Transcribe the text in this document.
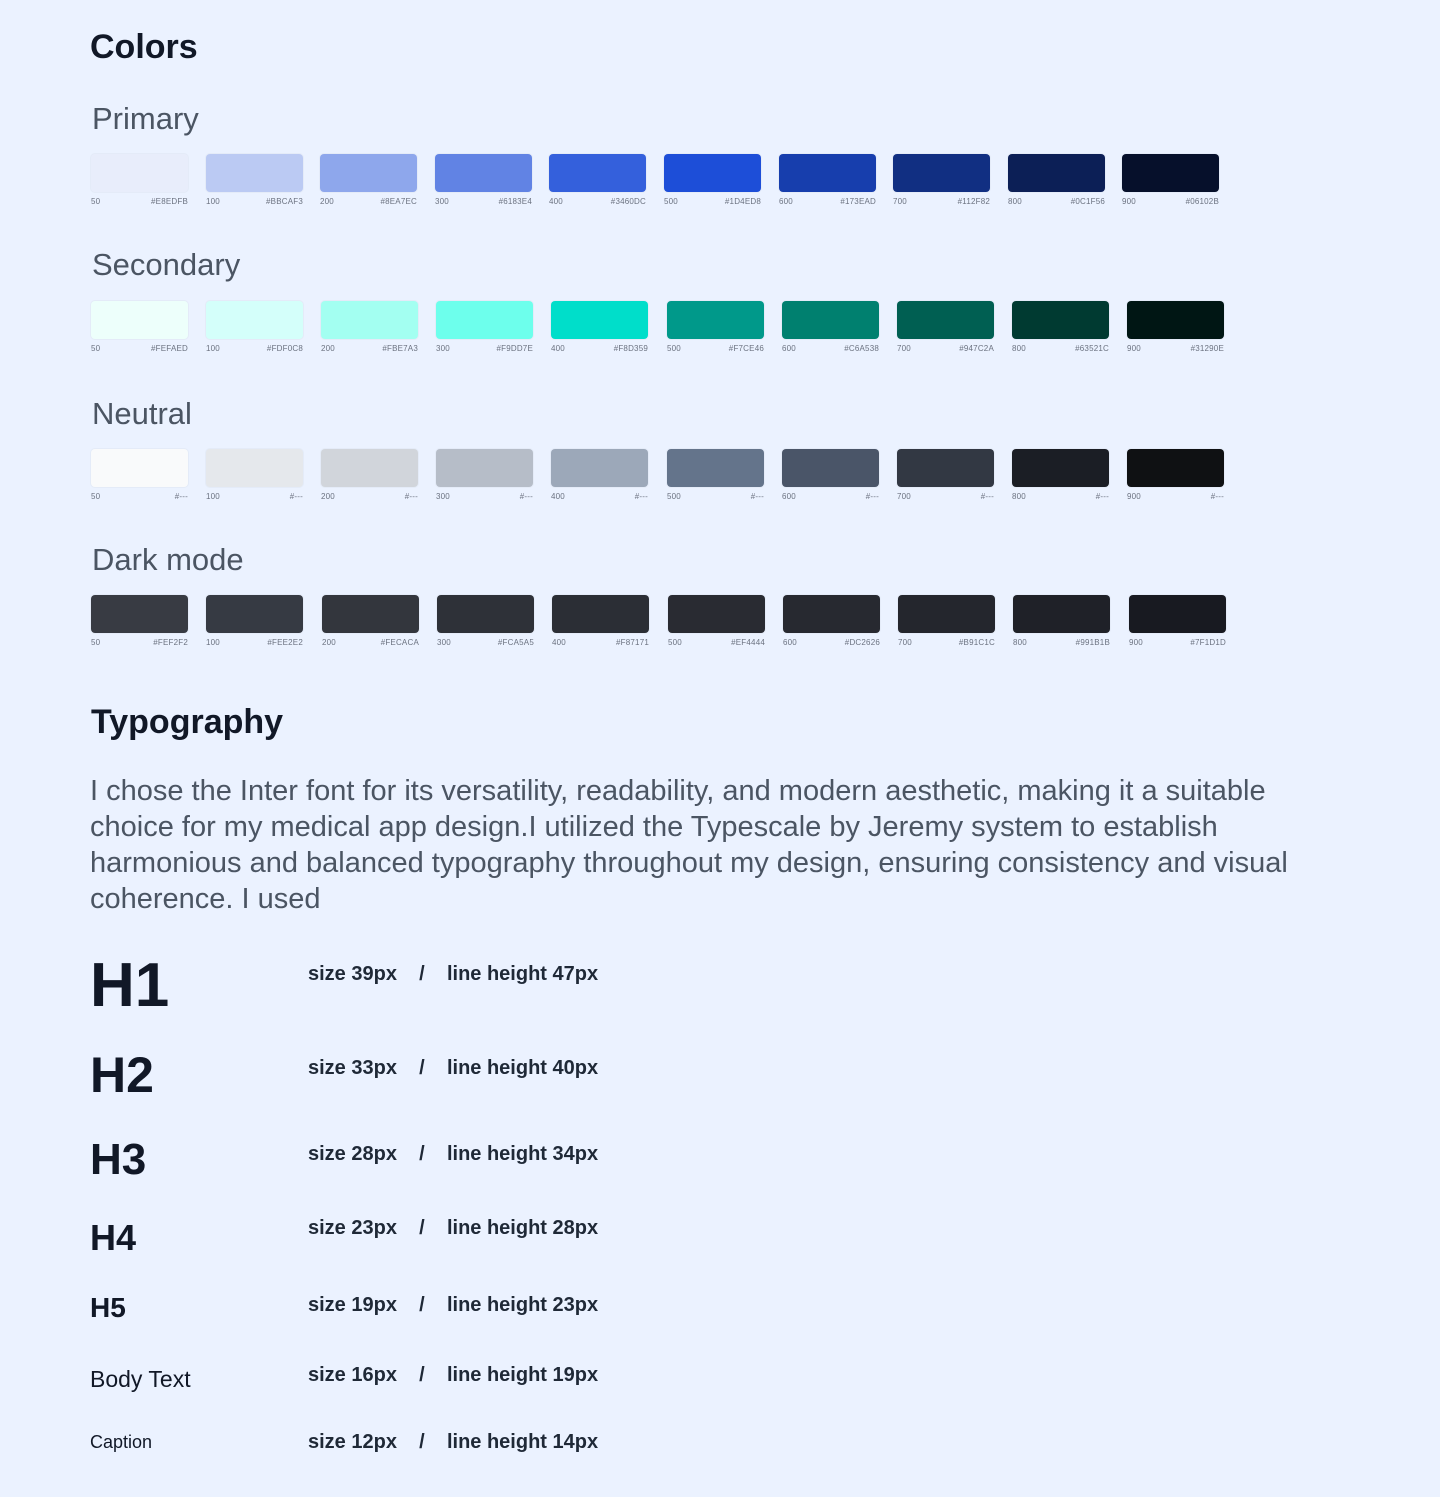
Colors
Primary
50	#E8EDFB 100	#BBCAF3 200	#8EA7EC 300	#6183E4 400	#3460DC 500	#1D4ED8 600	#173EAD 700	#112F82 800	#0C1F56 900	#06102B
Secondary
50	#FEFAED 100	#FDF0C8 200	#FBE7A3 300	#F9DD7E 400	#F8D359 500	#F7CE46 600	#C6A538 700	#947C2A 800	#63521C 900	#31290E
Neutral
50	#--- 100	#--- 200	#--- 300	#--- 400	#--- 500	#--- 600	#--- 700	#--- 800	#--- 900	#---
Dark mode
50	#FEF2F2 100	#FEE2E2 200	#FECACA 300	#FCA5A5 400	#F87171 500	#EF4444 600	#DC2626 700	#B91C1C 800	#991B1B 900	#7F1D1D
Typography

I chose the Inter font for its versatility, readability, and modern aesthetic, making it a suitable choice for my medical app design.I utilized the Typescale by Jeremy system to establish harmonious and balanced typography throughout my design, ensuring consistency and visual coherence. I used

H1	size 39px / line height 47px
H2	size 33px / line height 40px
H3	size 28px / line height 34px
H4	size 23px / line height 28px
H5	size 19px / line height 23px
Body Text	size 16px / line height 19px
Caption	size 12px / line height 14px
